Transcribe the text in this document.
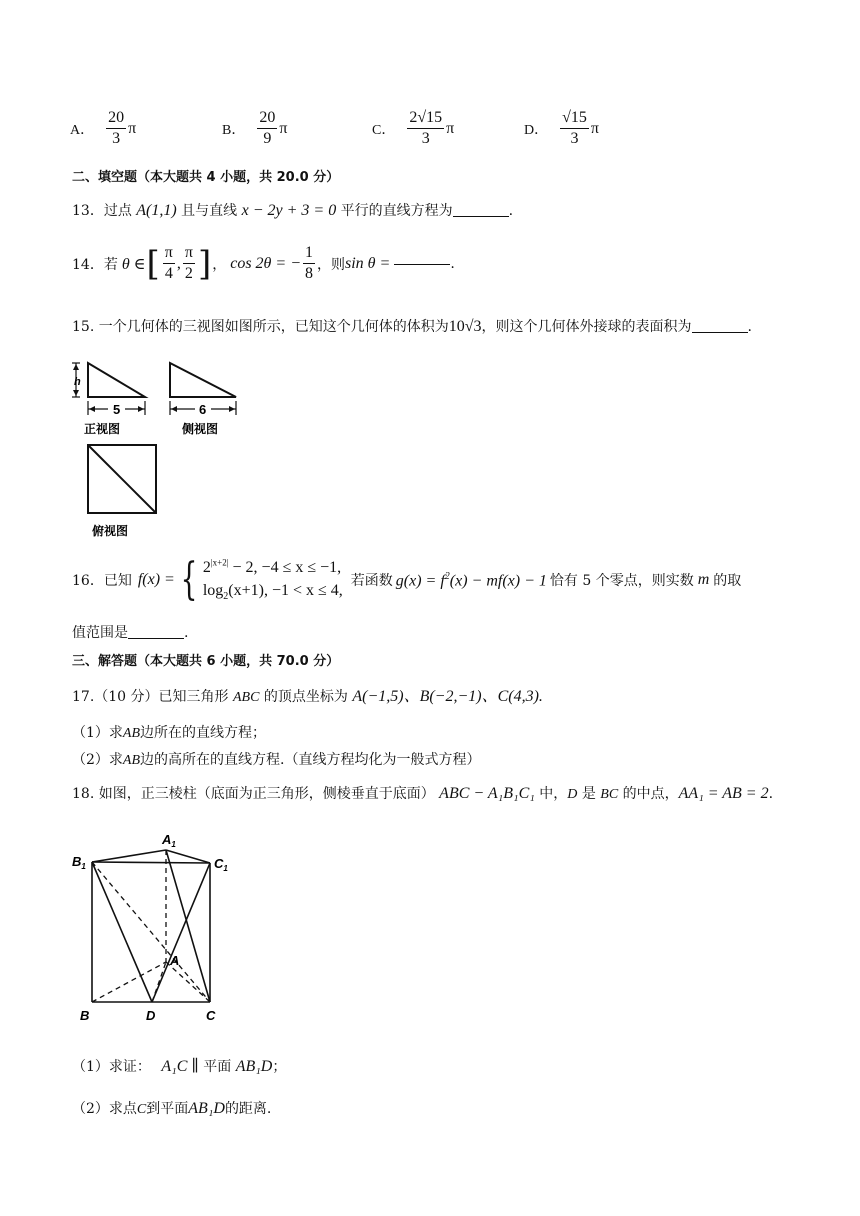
A． $\frac{20}{3}$ π	B． $\frac{20}{9}$ π	C． $\frac{2√15}{3}$ π	D． $\frac{√15}{3}$ π
二、填空题（本大题共 4 小题，共 20.0 分）
13．过点 A(1,1) 且与直线 x − 2y + 3 = 0 平行的直线方程为	.
14．若 θ ∈ [ $\frac{\pi}{4}$ , $\frac{\pi}{2}$ ] ， cos 2θ = − $\frac{1}{8}$ ，则 sin θ =	.
15. 一个几何体的三视图如图所示，已知这个几何体的体积为10√3，则这个几何体外接球的表面积为	.
h
5
正视图
6
侧视图
俯视图
16．已知 f(x) = { $2^{|x+2|} - 2$, −4 ≤ x ≤ −1,
$\log_2(x+1)$, −1 < x ≤ 4,
若函数 $g(x) = f^2(x) - mf(x) - 1$ 恰有 5 个零点，则实数 m 的取
值范围是	.
三、解答题（本大题共 6 小题，共 70.0 分）
17.（10 分）已知三角形 ABC 的顶点坐标为 A(−1,5)、B(−2,−1)、C(4,3).
（1）求AB边所在的直线方程；
（2）求AB边的高所在的直线方程.（直线方程均化为一般式方程）
18. 如图，正三棱柱（底面为正三角形，侧棱垂直于底面） ABC − A₁B₁C₁ 中，D 是 BC 的中点，AA₁ = AB = 2.
$A_1$
$B_1$	$C_1$
A
B	D	C
（1）求证： A₁C ∥ 平面 AB₁D；
（2）求点C到平面AB₁D的距离.
